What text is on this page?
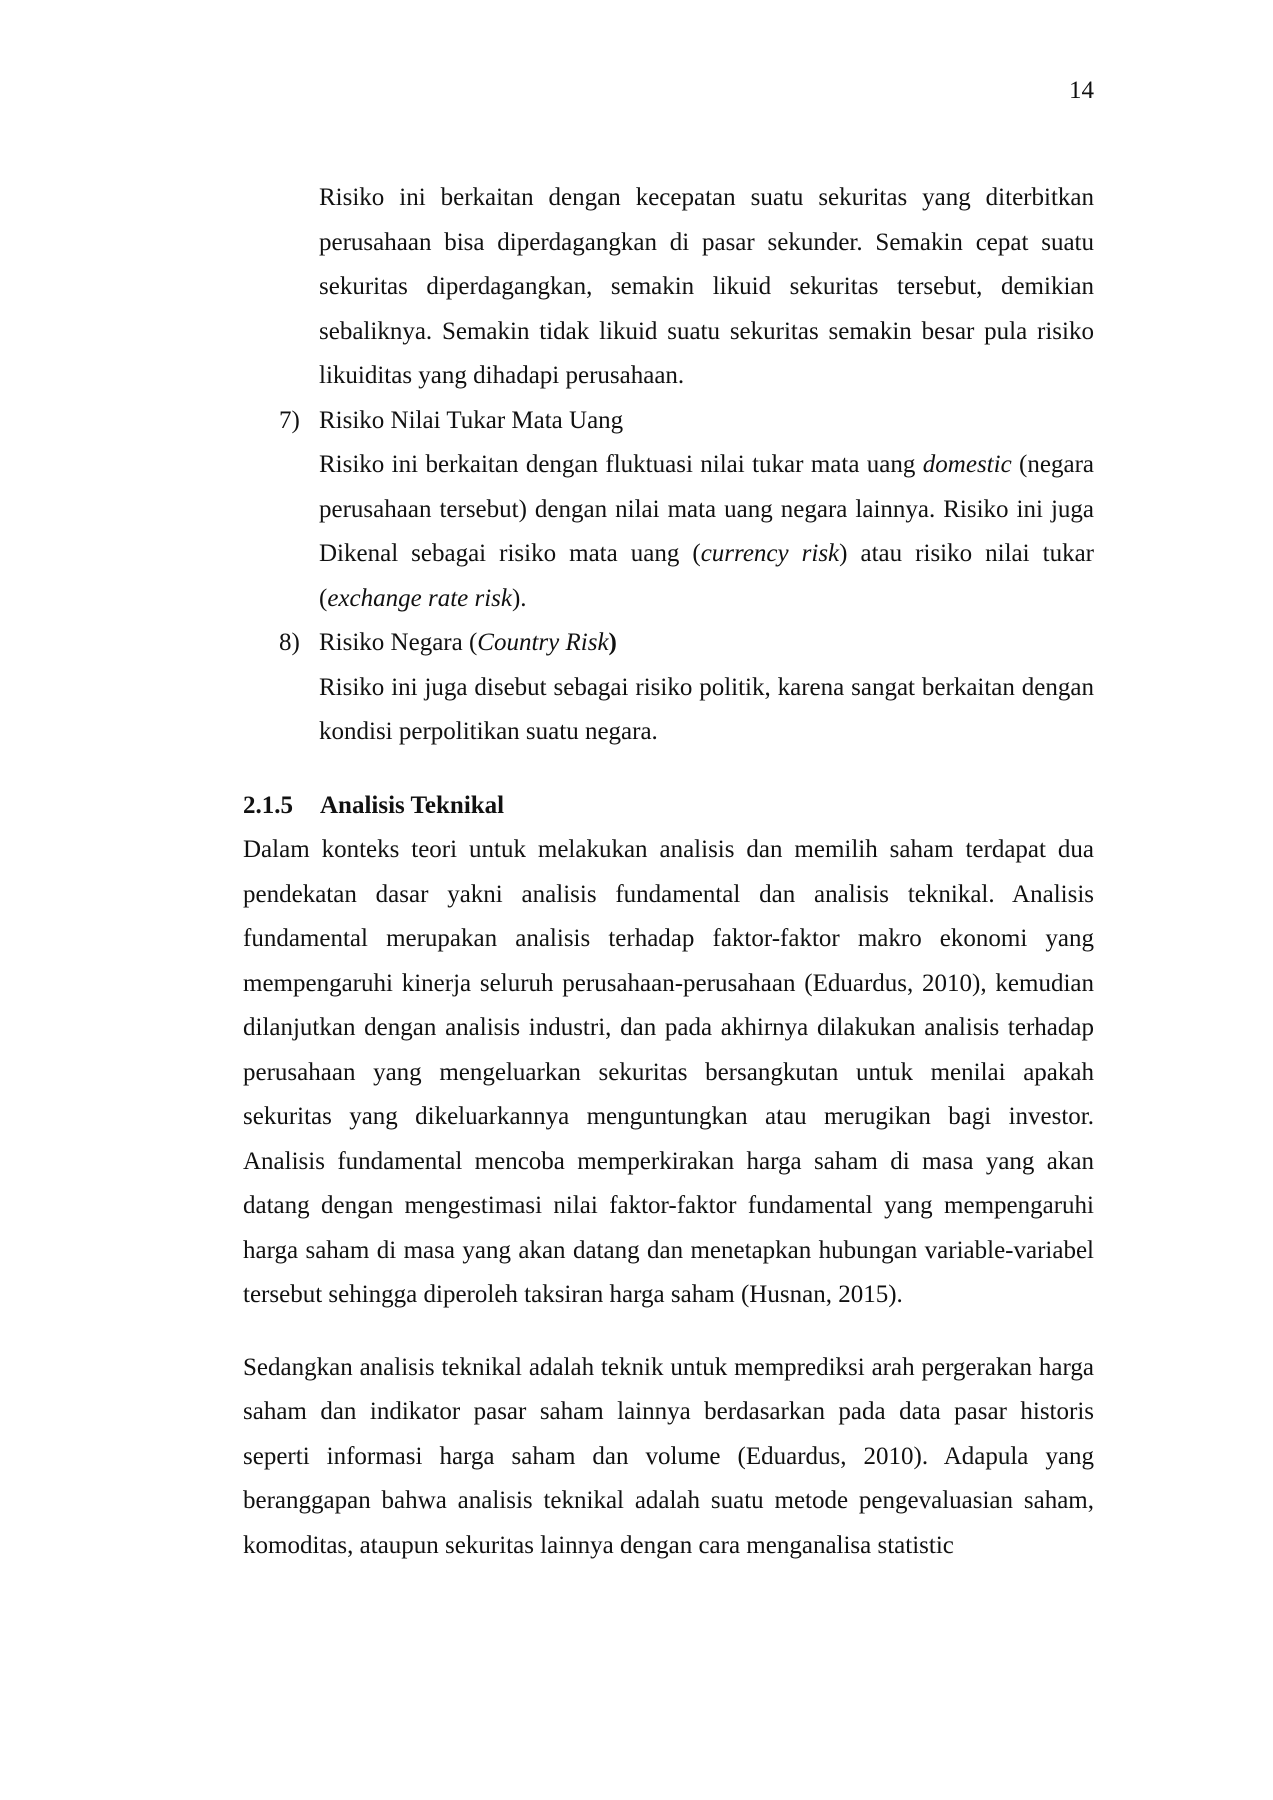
14

Risiko ini berkaitan dengan kecepatan suatu sekuritas yang diterbitkan perusahaan bisa diperdagangkan di pasar sekunder. Semakin cepat suatu sekuritas diperdagangkan, semakin likuid sekuritas tersebut, demikian sebaliknya. Semakin tidak likuid suatu sekuritas semakin besar pula risiko likuiditas yang dihadapi perusahaan.

7) Risiko Nilai Tukar Mata Uang

Risiko ini berkaitan dengan fluktuasi nilai tukar mata uang domestic (negara perusahaan tersebut) dengan nilai mata uang negara lainnya. Risiko ini juga Dikenal sebagai risiko mata uang (currency risk) atau risiko nilai tukar (exchange rate risk).

8) Risiko Negara (Country Risk)

Risiko ini juga disebut sebagai risiko politik, karena sangat berkaitan dengan kondisi perpolitikan suatu negara.

2.1.5 Analisis Teknikal

Dalam konteks teori untuk melakukan analisis dan memilih saham terdapat dua pendekatan dasar yakni analisis fundamental dan analisis teknikal. Analisis fundamental merupakan analisis terhadap faktor-faktor makro ekonomi yang mempengaruhi kinerja seluruh perusahaan-perusahaan (Eduardus, 2010), kemudian dilanjutkan dengan analisis industri, dan pada akhirnya dilakukan analisis terhadap perusahaan yang mengeluarkan sekuritas bersangkutan untuk menilai apakah sekuritas yang dikeluarkannya menguntungkan atau merugikan bagi investor. Analisis fundamental mencoba memperkirakan harga saham di masa yang akan datang dengan mengestimasi nilai faktor-faktor fundamental yang mempengaruhi harga saham di masa yang akan datang dan menetapkan hubungan variable-variabel tersebut sehingga diperoleh taksiran harga saham (Husnan, 2015).

Sedangkan analisis teknikal adalah teknik untuk memprediksi arah pergerakan harga saham dan indikator pasar saham lainnya berdasarkan pada data pasar historis seperti informasi harga saham dan volume (Eduardus, 2010). Adapula yang beranggapan bahwa analisis teknikal adalah suatu metode pengevaluasian saham, komoditas, ataupun sekuritas lainnya dengan cara menganalisa statistic
